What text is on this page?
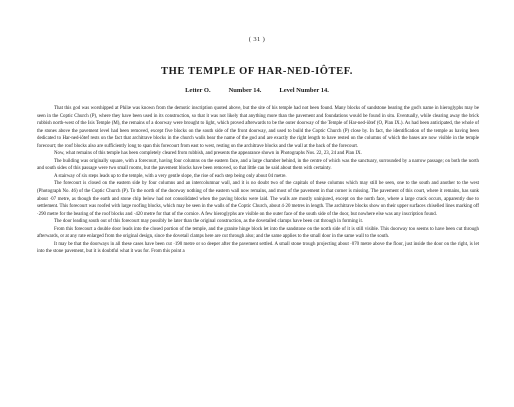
( 31 )
THE TEMPLE OF HAR-NED-IÔTEF.
Letter O.	Number 14.	Level Number 14.

That this god was worshipped at Philæ was known from the demotic inscription quoted above, but the site of his temple had not been found. Many blocks of sandstone bearing the god's name in hieroglyphs may be seen in the Coptic Church (P), where they have been used in its construction, so that it was not likely that anything more than the pavement and foundations would be found in situ. Eventually, while clearing away the brick rubbish north-west of the Isis Temple (M), the remains of a doorway were brought to light, which proved afterwards to be the outer doorway of the Temple of Har-ned-iôtef (O, Plan IX.). As had been anticipated, the whole of the stones above the pavement level had been removed, except five blocks on the south side of the front doorway, and used to build the Coptic Church (P) close by. In fact, the identification of the temple as having been dedicated to Har-ned-iôtef rests on the fact that architrave blocks in the church walls bear the name of the god and are exactly the right length to have rested on the columns of which the bases are now visible in the temple forecourt; the roof blocks also are sufficiently long to span this forecourt from east to west, resting on the architrave blocks and the wall at the back of the forecourt.

Now, what remains of this temple has been completely cleared from rubbish, and presents the appearance shown in Photographs Nos. 22, 23, 24 and Plan IX.

The building was originally square, with a forecourt, having four columns on the eastern face, and a large chamber behind, in the centre of which was the sanctuary, surrounded by a narrow passage; on both the north and south sides of this passage were two small rooms, but the pavement blocks have been removed, so that little can be said about them with certainty.

A stairway of six steps leads up to the temple, with a very gentle slope, the rise of each step being only about 04 metre.

The forecourt is closed on the eastern side by four columns and an intercolumnar wall, and it is no doubt two of the capitals of these columns which may still be seen, one to the south and another to the west (Photograph No. 46) of the Coptic Church (P). To the north of the doorway nothing of the eastern wall now remains, and most of the pavement in that corner is missing. The pavement of this court, where it remains, has sunk about ·07 metre, as though the earth and stone chip below had not consolidated when the paving blocks were laid. The walls are mostly uninjured, except on the north face, where a large crack occurs, apparently due to settlement. This forecourt was roofed with large roofing blocks, which may be seen in the walls of the Coptic Church, about 4·20 metres in length. The architrave blocks show on their upper surfaces chiselled lines marking off ·290 metre for the bearing of the roof blocks and ·420 metre for that of the cornice. A few hieroglyphs are visible on the outer face of the south side of the door, but nowhere else was any inscription found.

The door leading south out of this forecourt may possibly be later than the original construction, as the dovetailed clamps have been cut through in forming it.

From this forecourt a double door leads into the closed portion of the temple, and the granite hinge block let into the sandstone on the north side of it is still visible. This doorway too seems to have been cut through afterwards, or at any rate enlarged from the original design, since the dovetail clamps here are cut through also; and the same applies to the small door in the same wall to the south.

It may be that the doorways in all these cases have been cut ·190 metre or so deeper after the pavement settled. A small stone trough projecting about ·070 metre above the floor, just inside the door on the right, is let into the stone pavement, but it is doubtful what it was for. From this point a
